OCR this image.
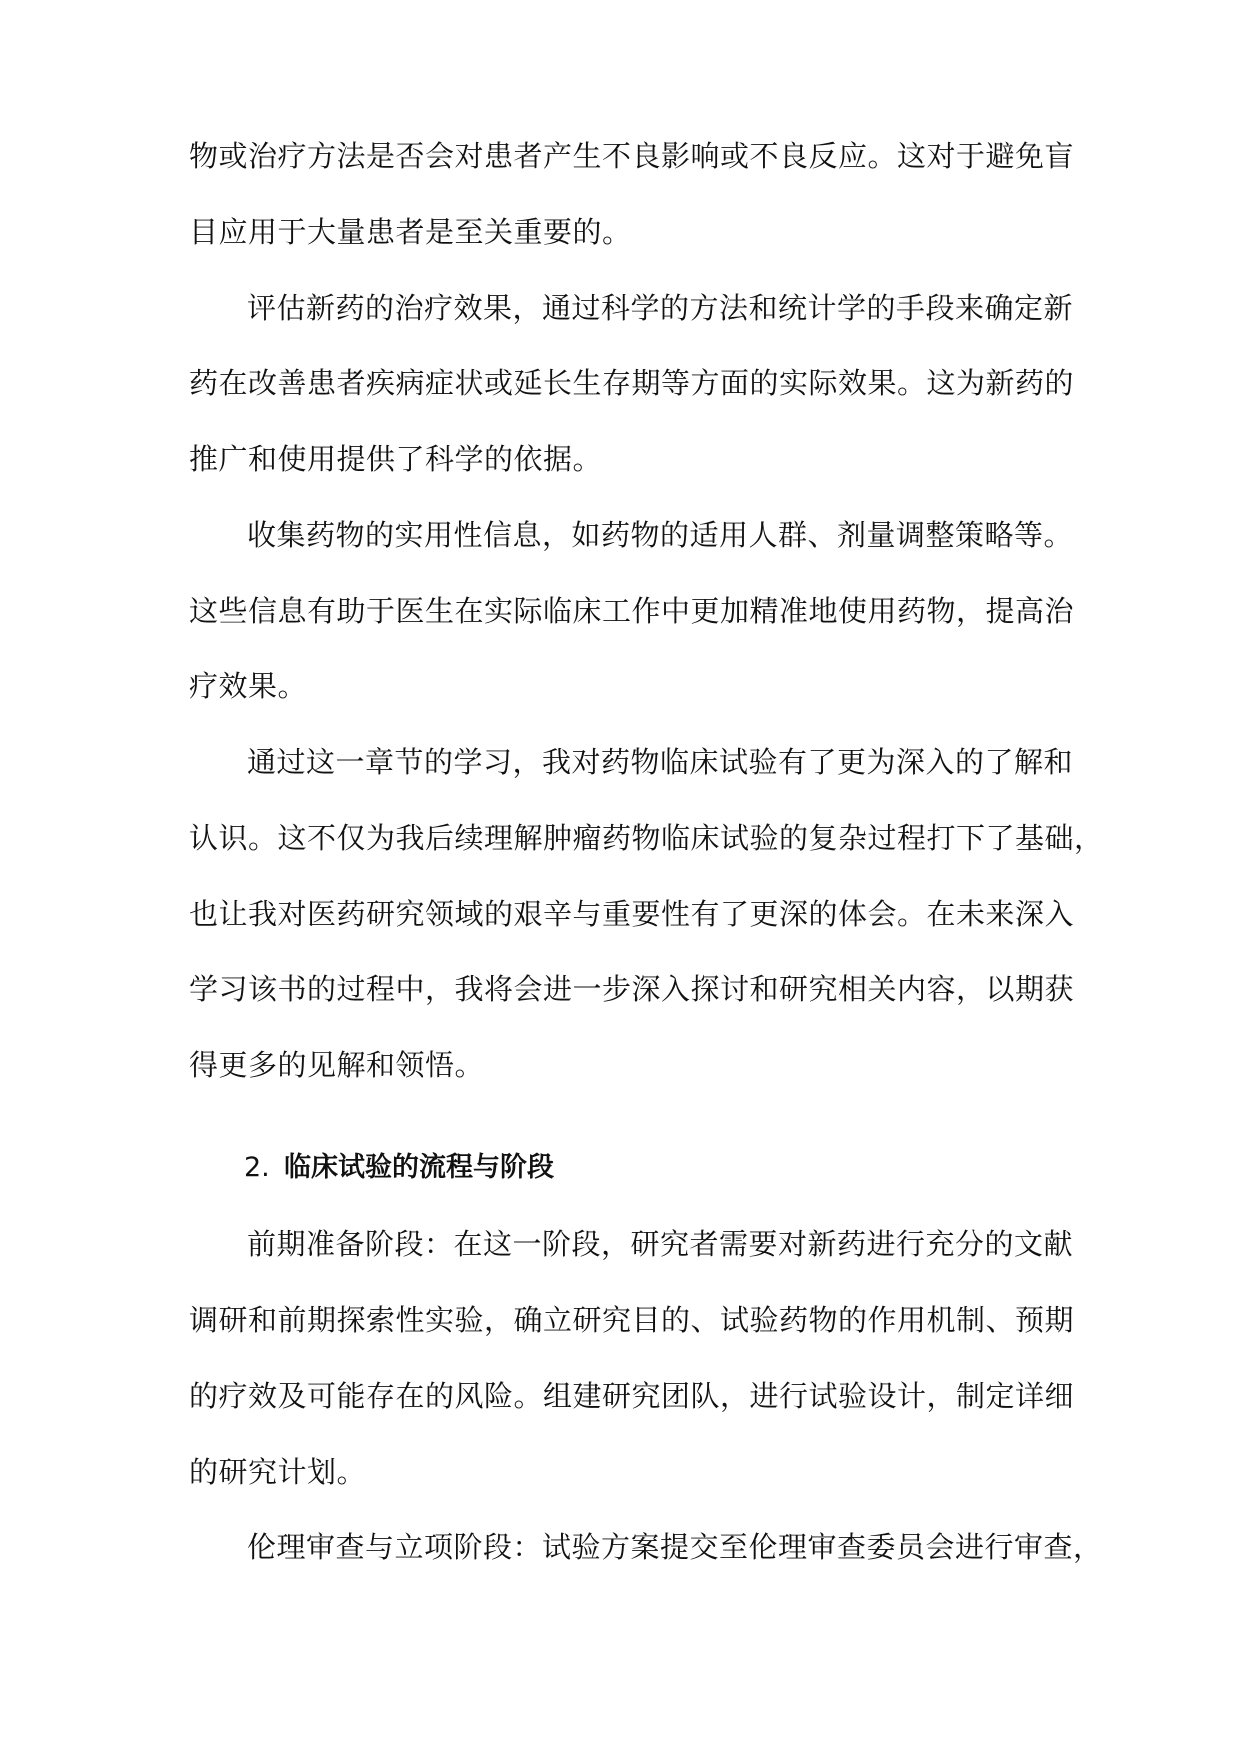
物或治疗方法是否会对患者产生不良影响或不良反应。这对于避免盲
目应用于大量患者是至关重要的。
评估新药的治疗效果，通过科学的方法和统计学的手段来确定新
药在改善患者疾病症状或延长生存期等方面的实际效果。这为新药的
推广和使用提供了科学的依据。
收集药物的实用性信息，如药物的适用人群、剂量调整策略等。
这些信息有助于医生在实际临床工作中更加精准地使用药物，提高治
疗效果。
通过这一章节的学习，我对药物临床试验有了更为深入的了解和
认识。这不仅为我后续理解肿瘤药物临床试验的复杂过程打下了基础，
也让我对医药研究领域的艰辛与重要性有了更深的体会。在未来深入
学习该书的过程中，我将会进一步深入探讨和研究相关内容，以期获
得更多的见解和领悟。
2. 临床试验的流程与阶段
前期准备阶段：在这一阶段，研究者需要对新药进行充分的文献
调研和前期探索性实验，确立研究目的、试验药物的作用机制、预期
的疗效及可能存在的风险。组建研究团队，进行试验设计，制定详细
的研究计划。
伦理审查与立项阶段：试验方案提交至伦理审查委员会进行审查，
